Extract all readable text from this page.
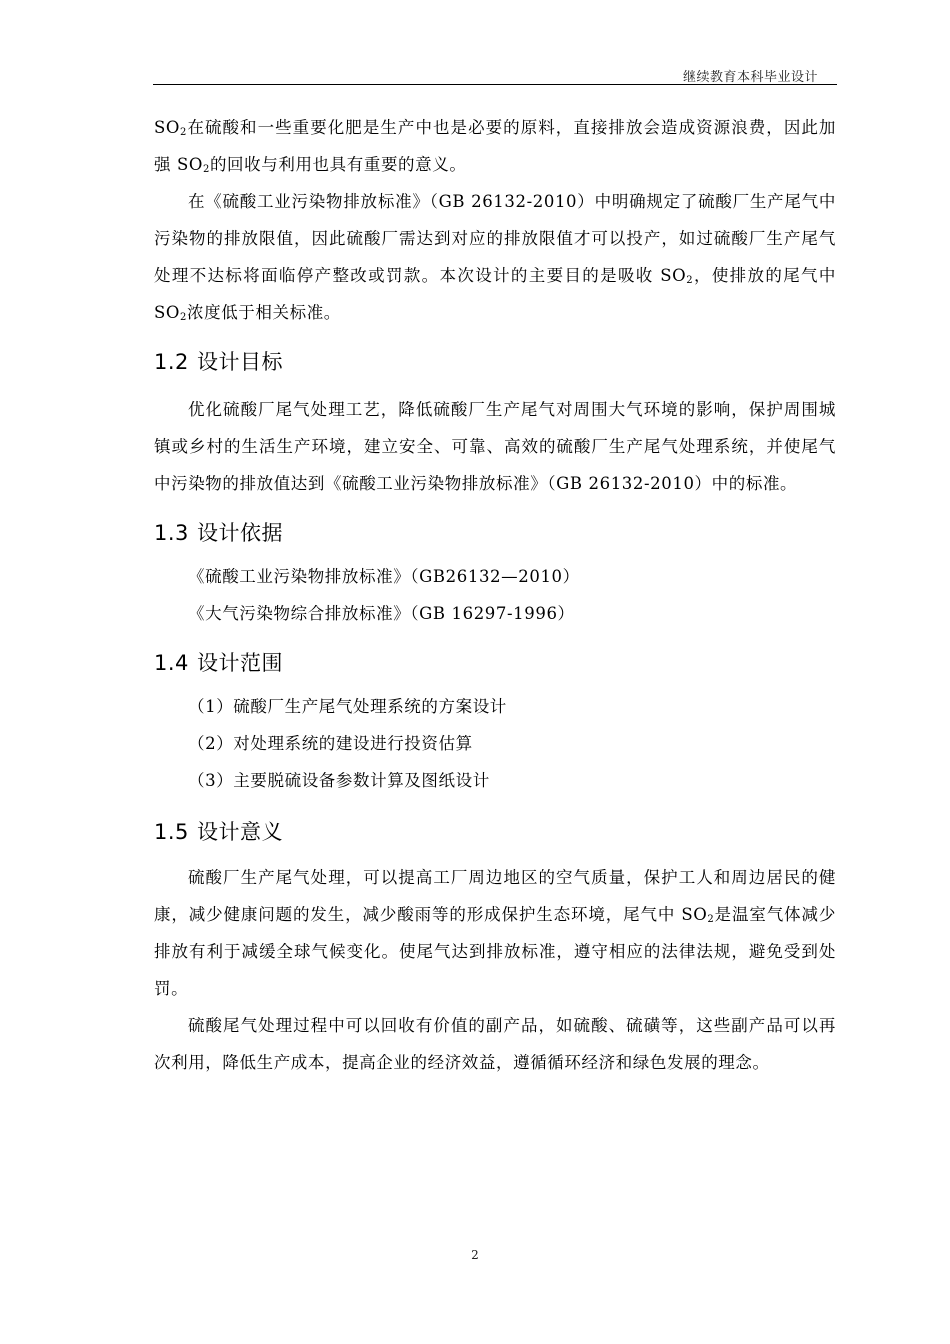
继续教育本科毕业设计

$SO_2$在硫酸和一些重要化肥是生产中也是必要的原料，直接排放会造成资源浪费，因此加强 $SO_2$的回收与利用也具有重要的意义。

在《硫酸工业污染物排放标准》（GB 26132-2010）中明确规定了硫酸厂生产尾气中污染物的排放限值，因此硫酸厂需达到对应的排放限值才可以投产，如过硫酸厂生产尾气处理不达标将面临停产整改或罚款。本次设计的主要目的是吸收 $SO_2$，使排放的尾气中 $SO_2$浓度低于相关标准。

1.2 设计目标

优化硫酸厂尾气处理工艺，降低硫酸厂生产尾气对周围大气环境的影响，保护周围城镇或乡村的生活生产环境，建立安全、可靠、高效的硫酸厂生产尾气处理系统，并使尾气中污染物的排放值达到《硫酸工业污染物排放标准》（GB 26132-2010）中的标准。

1.3 设计依据

《硫酸工业污染物排放标准》（GB26132—2010）

《大气污染物综合排放标准》（GB 16297-1996）

1.4 设计范围

（1）硫酸厂生产尾气处理系统的方案设计

（2）对处理系统的建设进行投资估算

（3）主要脱硫设备参数计算及图纸设计

1.5 设计意义

硫酸厂生产尾气处理，可以提高工厂周边地区的空气质量，保护工人和周边居民的健康，减少健康问题的发生，减少酸雨等的形成保护生态环境，尾气中 $SO_2$是温室气体减少排放有利于减缓全球气候变化。使尾气达到排放标准，遵守相应的法律法规，避免受到处罚。

硫酸尾气处理过程中可以回收有价值的副产品，如硫酸、硫磺等，这些副产品可以再次利用，降低生产成本，提高企业的经济效益，遵循循环经济和绿色发展的理念。

2
